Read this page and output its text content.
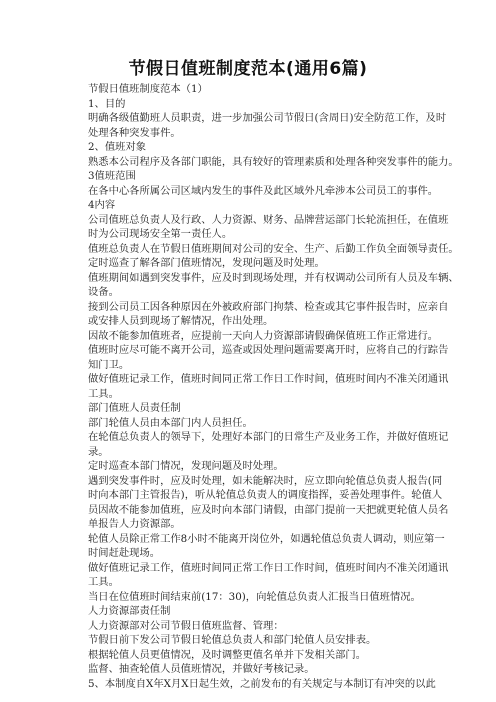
节假日值班制度范本(通用6篇)
节假日值班制度范本（1）
1、目的
明确各级值勤班人员职责，进一步加强公司节假日(含周日)安全防范工作，及时
处理各种突发事件。
2、值班对象
熟悉本公司程序及各部门职能，具有较好的管理素质和处理各种突发事件的能力。
3值班范围
在各中心各所属公司区域内发生的事件及此区域外凡牵涉本公司员工的事件。
4内容
公司值班总负责人及行政、人力资源、财务、品牌营运部门长轮流担任，在值班
时为公司现场安全第一责任人。
值班总负责人在节假日值班期间对公司的安全、生产、后勤工作负全面领导责任。
定时巡查了解各部门值班情况，发现问题及时处理。
值班期间如遇到突发事件，应及时到现场处理，并有权调动公司所有人员及车辆、
设备。
接到公司员工因各种原因在外被政府部门拘禁、检查或其它事件报告时，应亲自
或安排人员到现场了解情况，作出处理。
因故不能参加值班者，应提前一天向人力资源部请假确保值班工作正常进行。
值班时应尽可能不离开公司，巡查或因处理问题需要离开时，应将自己的行踪告
知门卫。
做好值班记录工作，值班时间同正常工作日工作时间，值班时间内不准关闭通讯
工具。
部门值班人员责任制
部门轮值人员由本部门内人员担任。
在轮值总负责人的领导下，处理好本部门的日常生产及业务工作，并做好值班记
录。
定时巡查本部门情况，发现问题及时处理。
遇到突发事件时，应及时处理，如未能解决时，应立即向轮值总负责人报告(同
时向本部门主管报告)，听从轮值总负责人的调度指挥，妥善处理事件。轮值人
员因故不能参加值班，应及时向本部门请假，由部门提前一天把就更轮值人员名
单报告人力资源部。
轮值人员除正常工作8小时不能离开岗位外，如遇轮值总负责人调动，则应第一
时间赶赴现场。
做好值班记录工作，值班时间同正常工作日工作时间，值班时间内不准关闭通讯
工具。
当日在位值班时间结束前(17：30)，向轮值总负责人汇报当日值班情况。
人力资源部责任制
人力资源部对公司节假日值班监督、管理：
节假日前下发公司节假日轮值总负责人和部门轮值人员安排表。
根据轮值人员更值情况，及时调整更值名单并下发相关部门。
监督、抽查轮值人员值班情况，并做好考核记录。
5、本制度自X年X月X日起生效，之前发布的有关规定与本制订有冲突的以此
